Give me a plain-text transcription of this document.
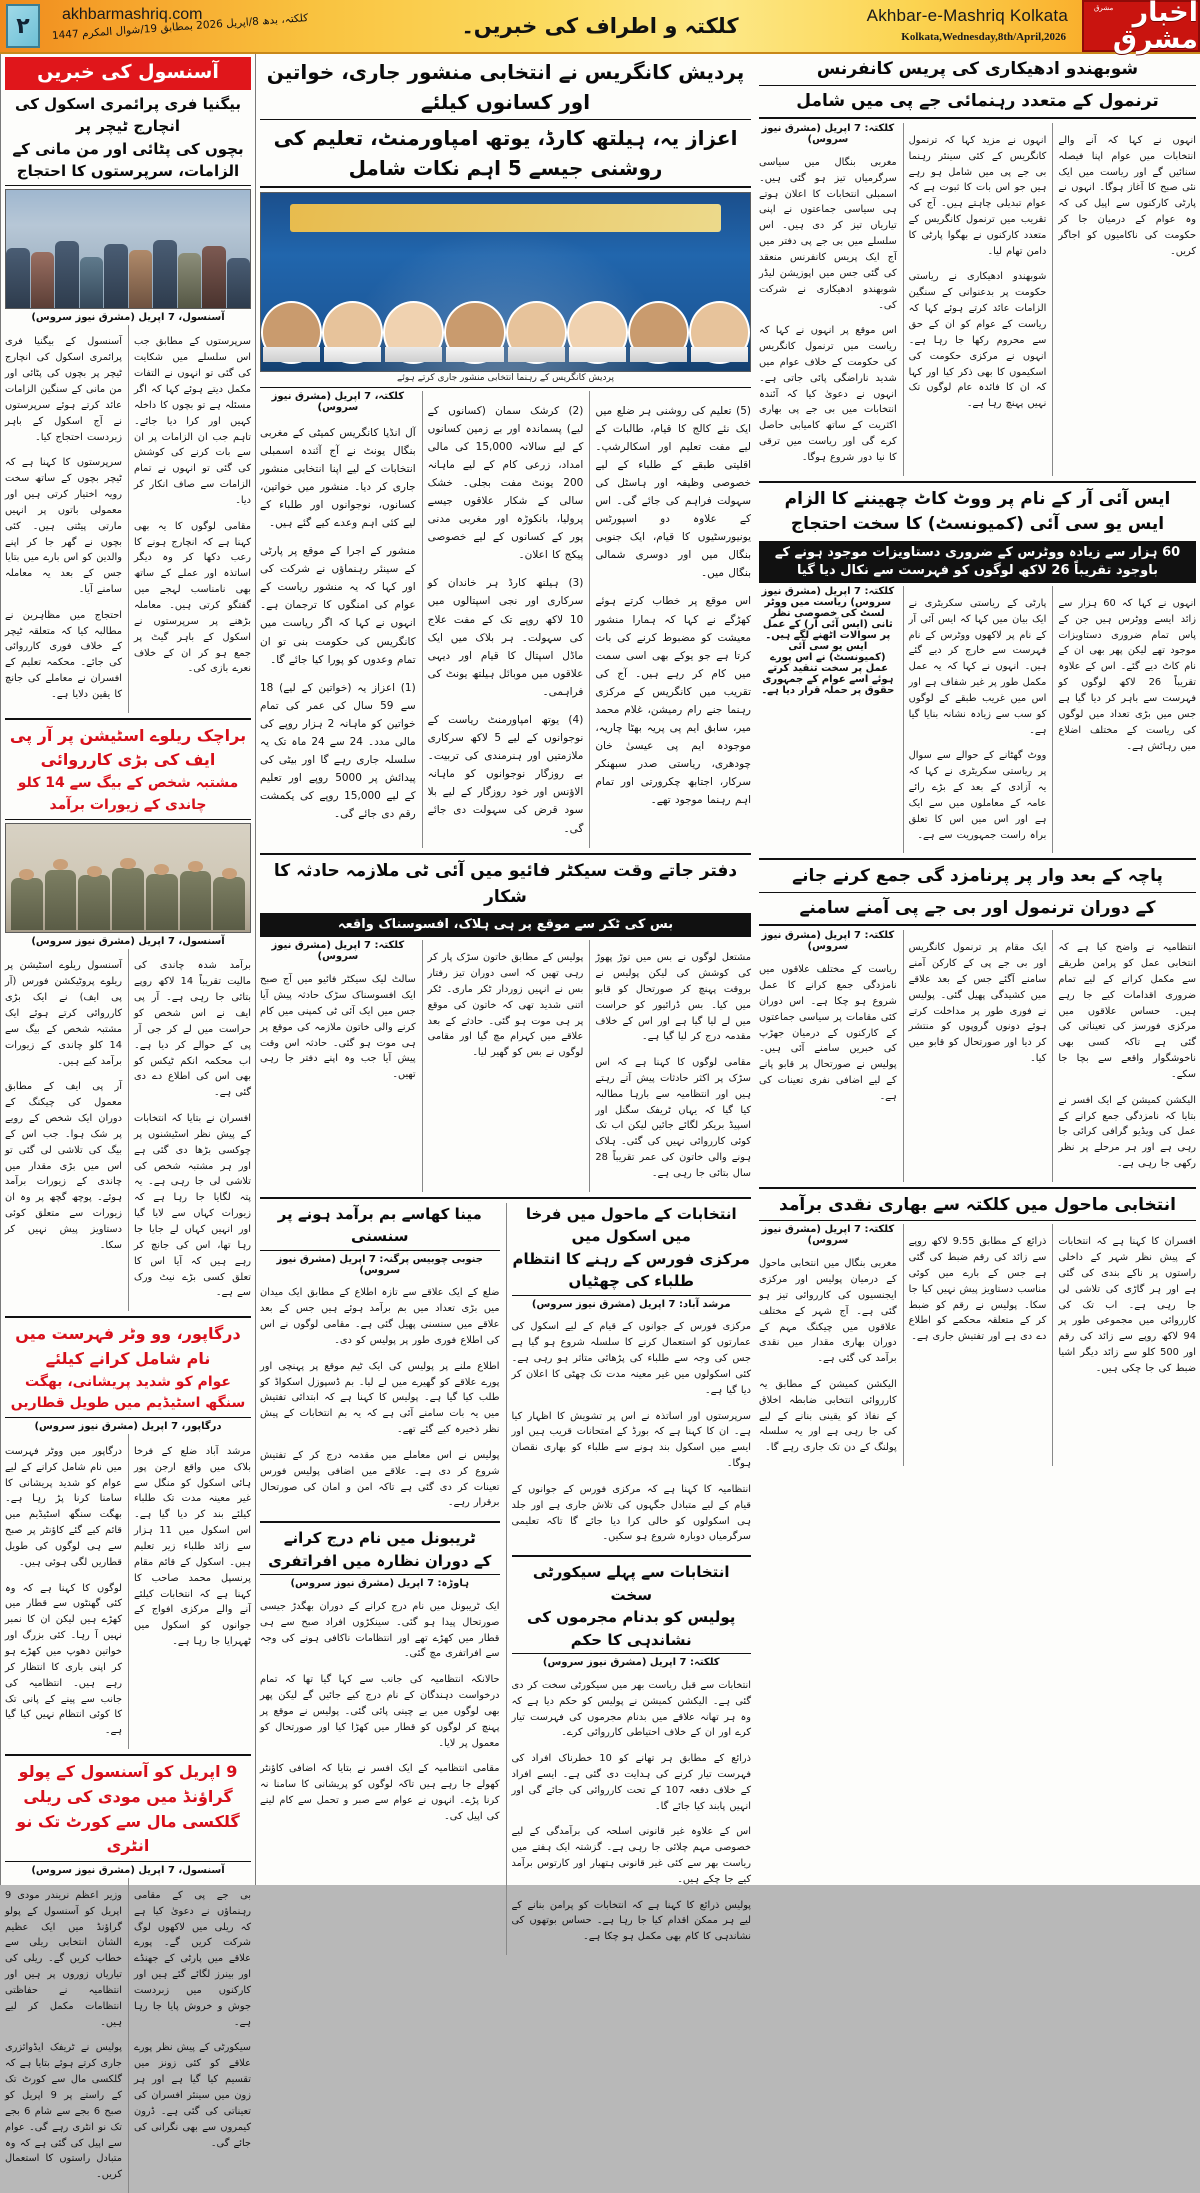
مشرق اخبار مشرق
Akhbar-e-Mashriq Kolkata
Kolkata,Wednesday,8th/April,2026
کلکتہ و اطراف کی خبریں۔
akhbarmashriq.com
کلکتہ، بدھ 8/اپریل 2026 بمطابق 19/شوال المکرم 1447
۲
آسنسول کی خبریں
بیگنیا فری پرائمری اسکول کی انچارج ٹیچر پر
بچوں کی پٹائی اور من مانی کے الزامات، سرپرستوں کا احتجاج
آسنسول، 7 اپریل (مشرق نیوز سروس)

آسنسول کے بیگنیا فری پرائمری اسکول کی انچارج ٹیچر پر بچوں کی پٹائی اور من مانی کے سنگین الزامات عائد کرتے ہوئے سرپرستوں نے آج اسکول کے باہر زبردست احتجاج کیا۔

سرپرستوں کا کہنا ہے کہ ٹیچر بچوں کے ساتھ سخت رویہ اختیار کرتی ہیں اور معمولی باتوں پر انہیں مارتی پیٹتی ہیں۔ کئی بچوں نے گھر جا کر اپنے والدین کو اس بارے میں بتایا جس کے بعد یہ معاملہ سامنے آیا۔

احتجاج میں مظاہرین نے مطالبہ کیا کہ متعلقہ ٹیچر کے خلاف فوری کارروائی کی جائے۔ محکمہ تعلیم کے افسران نے معاملے کی جانچ کا یقین دلایا ہے۔

سرپرستوں کے مطابق جب اس سلسلے میں شکایت کی گئی تو انہوں نے التفات مکمل دیتے ہوئے کہا کہ اگر مسئلہ ہے تو بچوں کا داخلہ کہیں اور کرا دیا جائے۔ تاہم جب ان الزامات پر ان سے بات کرنے کی کوشش کی گئی تو انہوں نے تمام الزامات سے صاف انکار کر دیا۔

مقامی لوگوں کا یہ بھی کہنا ہے کہ انچارج ہونے کا رعب دکھا کر وہ دیگر اساتذہ اور عملے کے ساتھ بھی نامناسب لہجے میں گفتگو کرتی ہیں۔ معاملہ بڑھنے پر سرپرستوں نے اسکول کے باہر گیٹ پر جمع ہو کر ان کے خلاف نعرے بازی کی۔

براچک ریلوے اسٹیشن پر آر پی ایف کی بڑی کارروائی
مشتبہ شخص کے بیگ سے 14 کلو چاندی کے زیورات برآمد
آسنسول، 7 اپریل (مشرق نیوز سروس)

آسنسول ریلوے اسٹیشن پر ریلوے پروٹیکشن فورس (آر پی ایف) نے ایک بڑی کارروائی کرتے ہوئے ایک مشتبہ شخص کے بیگ سے 14 کلو چاندی کے زیورات برآمد کیے ہیں۔

آر پی ایف کے مطابق معمول کی چیکنگ کے دوران ایک شخص کے رویے پر شک ہوا۔ جب اس کے بیگ کی تلاشی لی گئی تو اس میں بڑی مقدار میں چاندی کے زیورات برآمد ہوئے۔ پوچھ گچھ پر وہ ان زیورات سے متعلق کوئی دستاویز پیش نہیں کر سکا۔

برآمد شدہ چاندی کی مالیت تقریباً 14 لاکھ روپے بتائی جا رہی ہے۔ آر پی ایف نے اس شخص کو حراست میں لے کر جی آر پی کے حوالے کر دیا ہے۔ اب محکمہ انکم ٹیکس کو بھی اس کی اطلاع دے دی گئی ہے۔

افسران نے بتایا کہ انتخابات کے پیش نظر اسٹیشنوں پر چوکسی بڑھا دی گئی ہے اور ہر مشتبہ شخص کی تلاشی لی جا رہی ہے۔ یہ پتہ لگایا جا رہا ہے کہ زیورات کہاں سے لایا گیا اور انہیں کہاں لے جایا جا رہا تھا، اس کی جانچ کر رہے ہیں کہ آیا اس کا تعلق کسی بڑے نیٹ ورک سے ہے۔

درگاپور، وو وٹر فہرست میں نام شامل کرانے کیلئے
عوام کو شدید پریشانی، بھگت سنگھ اسٹیڈیم میں طویل قطاریں
درگاپور، 7 اپریل (مشرق نیوز سروس)

درگاپور میں ووٹر فہرست میں نام شامل کرانے کے لیے عوام کو شدید پریشانی کا سامنا کرنا پڑ رہا ہے۔ بھگت سنگھ اسٹیڈیم میں قائم کیے گئے کاؤنٹر پر صبح سے ہی لوگوں کی طویل قطاریں لگی ہوئی ہیں۔

لوگوں کا کہنا ہے کہ وہ کئی گھنٹوں سے قطار میں کھڑے ہیں لیکن ان کا نمبر نہیں آ رہا۔ کئی بزرگ اور خواتین دھوپ میں کھڑے ہو کر اپنی باری کا انتظار کر رہے ہیں۔ انتظامیہ کی جانب سے پینے کے پانی تک کا کوئی انتظام نہیں کیا گیا ہے۔

مرشد آباد ضلع کے فرخا بلاک میں واقع ارجن پور ہائی اسکول کو منگل سے غیر معینہ مدت تک طلباء کیلئے بند کر دیا گیا ہے۔ اس اسکول میں 11 ہزار سے زائد طلباء زیر تعلیم ہیں۔ اسکول کے قائم مقام پرنسپل محمد صاحب کا کہنا ہے کہ انتخابات کیلئے آنے والے مرکزی افواج کے جوانوں کو اسکول میں ٹھہرایا جا رہا ہے۔

9 اپریل کو آسنسول کے پولو گراؤنڈ میں مودی کی ریلی
گلکسی مال سے کورٹ تک نو انٹری
آسنسول، 7 اپریل (مشرق نیوز سروس)

وزیر اعظم نریندر مودی 9 اپریل کو آسنسول کے پولو گراؤنڈ میں ایک عظیم الشان انتخابی ریلی سے خطاب کریں گے۔ ریلی کی تیاریاں زوروں پر ہیں اور انتظامیہ نے حفاظتی انتظامات مکمل کر لیے ہیں۔

پولیس نے ٹریفک ایڈوائزری جاری کرتے ہوئے بتایا ہے کہ گلکسی مال سے کورٹ تک کے راستے پر 9 اپریل کو صبح 6 بجے سے شام 6 بجے تک نو انٹری رہے گی۔ عوام سے اپیل کی گئی ہے کہ وہ متبادل راستوں کا استعمال کریں۔

بی جے پی کے مقامی رہنماؤں نے دعویٰ کیا ہے کہ ریلی میں لاکھوں لوگ شرکت کریں گے۔ پورے علاقے میں پارٹی کے جھنڈے اور بینرز لگائے گئے ہیں اور کارکنوں میں زبردست جوش و خروش پایا جا رہا ہے۔

سیکورٹی کے پیش نظر پورے علاقے کو کئی زونز میں تقسیم کیا گیا ہے اور ہر زون میں سینئر افسران کی تعیناتی کی گئی ہے۔ ڈرون کیمروں سے بھی نگرانی کی جائے گی۔

پردیش کانگریس نے انتخابی منشور جاری، خواتین اور کسانوں کیلئے
اعزاز یہ، ہیلتھ کارڈ، یوتھ امپاورمنٹ، تعلیم کی روشنی جیسے 5 اہم نکات شامل
پردیش کانگریس کے رہنما انتخابی منشور جاری کرتے ہوئے
کلکتہ، 7 اپریل (مشرق نیوز سروس)

آل انڈیا کانگریس کمیٹی کے مغربی بنگال یونٹ نے آج آئندہ اسمبلی انتخابات کے لیے اپنا انتخابی منشور جاری کر دیا۔ منشور میں خواتین، کسانوں، نوجوانوں اور طلباء کے لیے کئی اہم وعدے کیے گئے ہیں۔

منشور کے اجرا کے موقع پر پارٹی کے سینئر رہنماؤں نے شرکت کی اور کہا کہ یہ منشور ریاست کے عوام کی امنگوں کا ترجمان ہے۔ انہوں نے کہا کہ اگر ریاست میں کانگریس کی حکومت بنی تو ان تمام وعدوں کو پورا کیا جائے گا۔

(1) اعزاز یہ (خواتین کے لیے) 18 سے 59 سال کی عمر کی تمام خواتین کو ماہانہ 2 ہزار روپے کی مالی مدد۔ 24 سے 24 ماہ تک یہ سلسلہ جاری رہے گا اور بیٹی کی پیدائش پر 5000 روپے اور تعلیم کے لیے 15,000 روپے کی یکمشت رقم دی جائے گی۔

(2) کرشک سمان (کسانوں کے لیے) پسماندہ اور بے زمین کسانوں کے لیے سالانہ 15,000 کی مالی امداد، زرعی کام کے لیے ماہانہ 200 یونٹ مفت بجلی۔ خشک سالی کے شکار علاقوں جیسے پرولیا، بانکوڑہ اور مغربی مدنی پور کے کسانوں کے لیے خصوصی پیکج کا اعلان۔

(3) ہیلتھ کارڈ ہر خاندان کو سرکاری اور نجی اسپتالوں میں 10 لاکھ روپے تک کے مفت علاج کی سہولت۔ ہر بلاک میں ایک ماڈل اسپتال کا قیام اور دیہی علاقوں میں موبائل ہیلتھ یونٹ کی فراہمی۔

(4) یوتھ امپاورمنٹ ریاست کے نوجوانوں کے لیے 5 لاکھ سرکاری ملازمتیں اور ہنرمندی کی تربیت۔ بے روزگار نوجوانوں کو ماہانہ الاؤنس اور خود روزگار کے لیے بلا سود قرض کی سہولت دی جائے گی۔

(5) تعلیم کی روشنی ہر ضلع میں ایک نئے کالج کا قیام، طالبات کے لیے مفت تعلیم اور اسکالرشپ۔ اقلیتی طبقے کے طلباء کے لیے خصوصی وظیفہ اور ہاسٹل کی سہولت فراہم کی جائے گی۔ اس کے علاوہ دو اسپورٹس یونیورسٹیوں کا قیام، ایک جنوبی بنگال میں اور دوسری شمالی بنگال میں۔

اس موقع پر خطاب کرتے ہوئے کھڑگے نے کہا کہ ہمارا منشور معیشت کو مضبوط کرنے کی بات کرتا ہے جو یوکے بھی اسی سمت میں کام کر رہے ہیں۔ آج کی تقریب میں کانگریس کے مرکزی رہنما جنے رام رمیشن، غلام محمد میر، سابق ایم پی پریہ بھٹا چاریہ، موجودہ ایم پی عیسیٰ خان چودھری، ریاستی صدر سبھنکر سرکار، اجتابھ چکرورتی اور تمام اہم رہنما موجود تھے۔

دفتر جاتے وقت سیکٹر فائیو میں آئی ٹی ملازمہ حادثہ کا شکار
بس کی ٹکر سے موقع پر ہی ہلاک، افسوسناک واقعہ
کلکتہ: 7 اپریل (مشرق نیوز سروس)

سالٹ لیک سیکٹر فائیو میں آج صبح ایک افسوسناک سڑک حادثہ پیش آیا جس میں ایک آئی ٹی کمپنی میں کام کرنے والی خاتون ملازمہ کی موقع پر ہی موت ہو گئی۔ حادثہ اس وقت پیش آیا جب وہ اپنے دفتر جا رہی تھیں۔

پولیس کے مطابق خاتون سڑک پار کر رہی تھیں کہ اسی دوران تیز رفتار بس نے انہیں زوردار ٹکر ماری۔ ٹکر اتنی شدید تھی کہ خاتون کی موقع پر ہی موت ہو گئی۔ حادثے کے بعد علاقے میں کہرام مچ گیا اور مقامی لوگوں نے بس کو گھیر لیا۔

مشتعل لوگوں نے بس میں توڑ پھوڑ کی کوشش کی لیکن پولیس نے بروقت پہنچ کر صورتحال کو قابو میں کیا۔ بس ڈرائیور کو حراست میں لے لیا گیا ہے اور اس کے خلاف مقدمہ درج کر لیا گیا ہے۔

مقامی لوگوں کا کہنا ہے کہ اس سڑک پر اکثر حادثات پیش آتے رہتے ہیں اور انتظامیہ سے بارہا مطالبہ کیا گیا کہ یہاں ٹریفک سگنل اور اسپیڈ بریکر لگائے جائیں لیکن اب تک کوئی کارروائی نہیں کی گئی۔ ہلاک ہونے والی خاتون کی عمر تقریباً 28 سال بتائی جا رہی ہے۔

مینا کھاسے بم برآمد ہونے پر سنسنی
جنوبی چوبیس پرگنہ: 7 اپریل (مشرق نیوز سروس)

ضلع کے ایک علاقے سے تازہ اطلاع کے مطابق ایک میدان میں بڑی تعداد میں بم برآمد ہوئے ہیں جس کے بعد علاقے میں سنسنی پھیل گئی ہے۔ مقامی لوگوں نے اس کی اطلاع فوری طور پر پولیس کو دی۔

اطلاع ملنے پر پولیس کی ایک ٹیم موقع پر پہنچی اور پورے علاقے کو گھیرے میں لے لیا۔ بم ڈسپوزل اسکواڈ کو طلب کیا گیا ہے۔ پولیس کا کہنا ہے کہ ابتدائی تفتیش میں یہ بات سامنے آئی ہے کہ یہ بم انتخابات کے پیش نظر ذخیرہ کیے گئے تھے۔

پولیس نے اس معاملے میں مقدمہ درج کر کے تفتیش شروع کر دی ہے۔ علاقے میں اضافی پولیس فورس تعینات کر دی گئی ہے تاکہ امن و امان کی صورتحال برقرار رہے۔

ٹریبونل میں نام درج کرانے
کے دوران نظارہ میں افراتفری
ہاوڑہ: 7 اپریل (مشرق نیوز سروس)

ایک ٹریبونل میں نام درج کرانے کے دوران بھگدڑ جیسی صورتحال پیدا ہو گئی۔ سینکڑوں افراد صبح سے ہی قطار میں کھڑے تھے اور انتظامات ناکافی ہونے کی وجہ سے افراتفری مچ گئی۔

حالانکہ انتظامیہ کی جانب سے کہا گیا تھا کہ تمام درخواست دہندگان کے نام درج کیے جائیں گے لیکن پھر بھی لوگوں میں بے چینی پائی گئی۔ پولیس نے موقع پر پہنچ کر لوگوں کو قطار میں کھڑا کیا اور صورتحال کو معمول پر لایا۔

مقامی انتظامیہ کے ایک افسر نے بتایا کہ اضافی کاؤنٹر کھولے جا رہے ہیں تاکہ لوگوں کو پریشانی کا سامنا نہ کرنا پڑے۔ انہوں نے عوام سے صبر و تحمل سے کام لینے کی اپیل کی۔

انتخابات کے ماحول میں فرخا میں اسکول میں
مرکزی فورس کے رہنے کا انتظام طلباء کی چھٹیاں
مرشد آباد: 7 اپریل (مشرق نیوز سروس)

مرکزی فورس کے جوانوں کے قیام کے لیے اسکول کی عمارتوں کو استعمال کرنے کا سلسلہ شروع ہو گیا ہے جس کی وجہ سے طلباء کی پڑھائی متاثر ہو رہی ہے۔ کئی اسکولوں میں غیر معینہ مدت تک چھٹی کا اعلان کر دیا گیا ہے۔

سرپرستوں اور اساتذہ نے اس پر تشویش کا اظہار کیا ہے۔ ان کا کہنا ہے کہ بورڈ کے امتحانات قریب ہیں اور ایسے میں اسکول بند ہونے سے طلباء کو بھاری نقصان ہوگا۔

انتظامیہ کا کہنا ہے کہ مرکزی فورس کے جوانوں کے قیام کے لیے متبادل جگہوں کی تلاش جاری ہے اور جلد ہی اسکولوں کو خالی کرا دیا جائے گا تاکہ تعلیمی سرگرمیاں دوبارہ شروع ہو سکیں۔

انتخابات سے پہلے سیکورٹی سخت
پولیس کو بدنام مجرموں کی نشاندہی کا حکم
کلکتہ: 7 اپریل (مشرق نیوز سروس)

انتخابات سے قبل ریاست بھر میں سیکورٹی سخت کر دی گئی ہے۔ الیکشن کمیشن نے پولیس کو حکم دیا ہے کہ وہ ہر تھانہ علاقے میں بدنام مجرموں کی فہرست تیار کرے اور ان کے خلاف احتیاطی کارروائی کرے۔

ذرائع کے مطابق ہر تھانے کو 10 خطرناک افراد کی فہرست تیار کرنے کی ہدایت دی گئی ہے۔ ایسے افراد کے خلاف دفعہ 107 کے تحت کارروائی کی جائے گی اور انہیں پابند کیا جائے گا۔

اس کے علاوہ غیر قانونی اسلحہ کی برآمدگی کے لیے خصوصی مہم چلائی جا رہی ہے۔ گزشتہ ایک ہفتے میں ریاست بھر سے کئی غیر قانونی ہتھیار اور کارتوس برآمد کیے جا چکے ہیں۔

پولیس ذرائع کا کہنا ہے کہ انتخابات کو پرامن بنانے کے لیے ہر ممکن اقدام کیا جا رہا ہے۔ حساس بوتھوں کی نشاندہی کا کام بھی مکمل ہو چکا ہے۔

شوبھندو ادھیکاری کی پریس کانفرنس
ترنمول کے متعدد رہنمائی جے پی میں شامل
کلکتہ: 7 اپریل (مشرق نیوز سروس)

مغربی بنگال میں سیاسی سرگرمیاں تیز ہو گئی ہیں۔ اسمبلی انتخابات کا اعلان ہوتے ہی سیاسی جماعتوں نے اپنی تیاریاں تیز کر دی ہیں۔ اس سلسلے میں بی جے پی دفتر میں آج ایک پریس کانفرنس منعقد کی گئی جس میں اپوزیشن لیڈر شوبھندو ادھیکاری نے شرکت کی۔

اس موقع پر انہوں نے کہا کہ ریاست میں ترنمول کانگریس کی حکومت کے خلاف عوام میں شدید ناراضگی پائی جاتی ہے۔ انہوں نے دعویٰ کیا کہ آئندہ انتخابات میں بی جے پی بھاری اکثریت کے ساتھ کامیابی حاصل کرے گی اور ریاست میں ترقی کا نیا دور شروع ہوگا۔

انہوں نے مزید کہا کہ ترنمول کانگریس کے کئی سینئر رہنما بی جے پی میں شامل ہو رہے ہیں جو اس بات کا ثبوت ہے کہ عوام تبدیلی چاہتے ہیں۔ آج کی تقریب میں ترنمول کانگریس کے متعدد کارکنوں نے بھگوا پارٹی کا دامن تھام لیا۔

شوبھندو ادھیکاری نے ریاستی حکومت پر بدعنوانی کے سنگین الزامات عائد کرتے ہوئے کہا کہ ریاست کے عوام کو ان کے حق سے محروم رکھا جا رہا ہے۔ انہوں نے مرکزی حکومت کی اسکیموں کا بھی ذکر کیا اور کہا کہ ان کا فائدہ عام لوگوں تک نہیں پہنچ رہا ہے۔

انہوں نے کہا کہ آنے والے انتخابات میں عوام اپنا فیصلہ سنائیں گے اور ریاست میں ایک نئی صبح کا آغاز ہوگا۔ انہوں نے پارٹی کارکنوں سے اپیل کی کہ وہ عوام کے درمیان جا کر حکومت کی ناکامیوں کو اجاگر کریں۔

ایس آئی آر کے نام پر ووٹ کاٹ چھیننے کا الزام
ایس یو سی آئی (کمیونسٹ) کا سخت احتجاج
60 ہزار سے زیادہ ووٹرس کے ضروری دستاویزات موجود ہونے کے باوجود تقریباً 26 لاکھ لوگوں کو فہرست سے نکال دیا گیا
کلکتہ: 7 اپریل (مشرق نیوز سروس) ریاست میں ووٹر لسٹ کی خصوصی نظر ثانی (ایس آئی آر) کے عمل پر سوالات اٹھنے لگے ہیں۔ ایس یو سی آئی (کمیونسٹ) نے اس پورے عمل پر سخت تنقید کرتے ہوئے اسے عوام کے جمہوری حقوق پر حملہ قرار دیا ہے۔

پارٹی کے ریاستی سکریٹری نے ایک بیان میں کہا کہ ایس آئی آر کے نام پر لاکھوں ووٹرس کے نام فہرست سے خارج کر دیے گئے ہیں۔ انہوں نے کہا کہ یہ عمل مکمل طور پر غیر شفاف ہے اور اس میں غریب طبقے کے لوگوں کو سب سے زیادہ نشانہ بنایا گیا ہے۔

ووٹ گھٹانے کے حوالے سے سوال پر ریاستی سکریٹری نے کہا کہ یہ آزادی کے بعد کے بڑے رائے عامہ کے معاملوں میں سے ایک ہے اور اس میں اس کا تعلق براہ راست جمہوریت سے ہے۔

انہوں نے کہا کہ 60 ہزار سے زائد ایسے ووٹرس ہیں جن کے پاس تمام ضروری دستاویزات موجود تھے لیکن پھر بھی ان کے نام کاٹ دیے گئے۔ اس کے علاوہ تقریباً 26 لاکھ لوگوں کو فہرست سے باہر کر دیا گیا ہے جس میں بڑی تعداد میں لوگوں کی ریاست کے مختلف اضلاع میں رہائش ہے۔

پاچہ کے بعد وار پر پرنامزد گی جمع کرنے جانے
کے دوران ترنمول اور بی جے پی آمنے سامنے
کلکتہ: 7 اپریل (مشرق نیوز سروس)

ریاست کے مختلف علاقوں میں نامزدگی جمع کرانے کا عمل شروع ہو چکا ہے۔ اس دوران کئی مقامات پر سیاسی جماعتوں کے کارکنوں کے درمیان جھڑپ کی خبریں سامنے آئی ہیں۔ پولیس نے صورتحال پر قابو پانے کے لیے اضافی نفری تعینات کی ہے۔

ایک مقام پر ترنمول کانگریس اور بی جے پی کے کارکن آمنے سامنے آگئے جس کے بعد علاقے میں کشیدگی پھیل گئی۔ پولیس نے فوری طور پر مداخلت کرتے ہوئے دونوں گروپوں کو منتشر کر دیا اور صورتحال کو قابو میں کیا۔

انتظامیہ نے واضح کیا ہے کہ انتخابی عمل کو پرامن طریقے سے مکمل کرانے کے لیے تمام ضروری اقدامات کیے جا رہے ہیں۔ حساس علاقوں میں مرکزی فورسز کی تعیناتی کی گئی ہے تاکہ کسی بھی ناخوشگوار واقعے سے بچا جا سکے۔

الیکشن کمیشن کے ایک افسر نے بتایا کہ نامزدگی جمع کرانے کے عمل کی ویڈیو گرافی کرائی جا رہی ہے اور ہر مرحلے پر نظر رکھی جا رہی ہے۔

انتخابی ماحول میں کلکتہ سے بھاری نقدی برآمد
کلکتہ: 7 اپریل (مشرق نیوز سروس)

مغربی بنگال میں انتخابی ماحول کے درمیان پولیس اور مرکزی ایجنسیوں کی کارروائی تیز ہو گئی ہے۔ آج شہر کے مختلف علاقوں میں چیکنگ مہم کے دوران بھاری مقدار میں نقدی برآمد کی گئی ہے۔

الیکشن کمیشن کے مطابق یہ کارروائی انتخابی ضابطہ اخلاق کے نفاذ کو یقینی بنانے کے لیے کی جا رہی ہے اور یہ سلسلہ پولنگ کے دن تک جاری رہے گا۔

ذرائع کے مطابق 9.55 لاکھ روپے سے زائد کی رقم ضبط کی گئی ہے جس کے بارے میں کوئی مناسب دستاویز پیش نہیں کیا جا سکا۔ پولیس نے رقم کو ضبط کر کے متعلقہ محکمے کو اطلاع دے دی ہے اور تفتیش جاری ہے۔

افسران کا کہنا ہے کہ انتخابات کے پیش نظر شہر کے داخلی راستوں پر ناکے بندی کی گئی ہے اور ہر گاڑی کی تلاشی لی جا رہی ہے۔ اب تک کی کارروائی میں مجموعی طور پر 94 لاکھ روپے سے زائد کی رقم اور 500 کلو سے زائد دیگر اشیا ضبط کی جا چکی ہیں۔
